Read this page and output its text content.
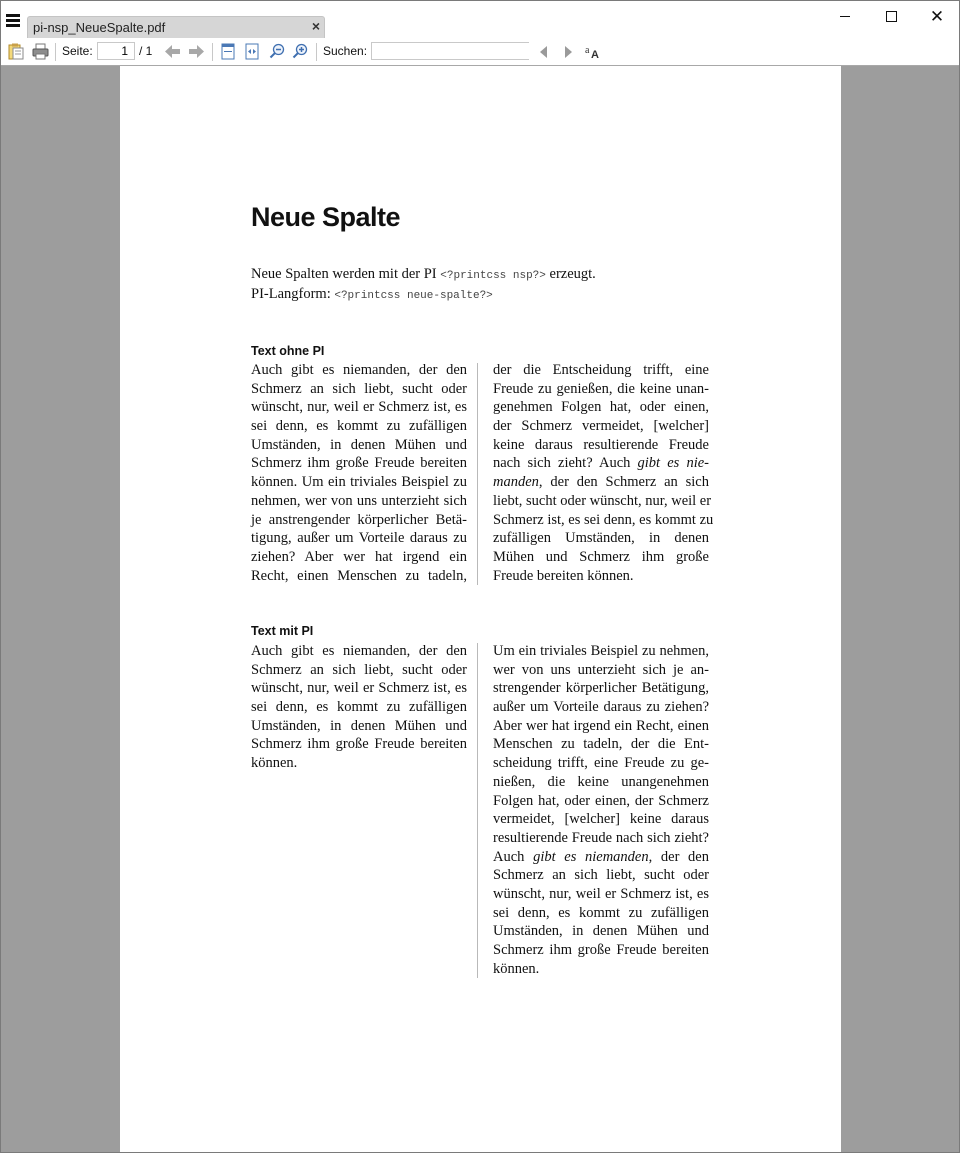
pi-nsp_NeueSpalte.pdf	×
✕
Seite:	1 / 1	Suchen:	a A
Neue Spalte
Neue Spalten werden mit der PI <?printcss nsp?> erzeugt.
PI-Langform: <?printcss neue-spalte?>
Text ohne PI
Auch gibt es niemanden, der den
Schmerz an sich liebt, sucht oder
wünscht, nur, weil er Schmerz ist, es
sei denn, es kommt zu zufälligen
Umständen, in denen Mühen und
Schmerz ihm große Freude bereiten
können. Um ein triviales Beispiel zu
nehmen, wer von uns unterzieht sich
je anstrengender körperlicher Betä-
tigung, außer um Vorteile daraus zu
ziehen? Aber wer hat irgend ein
Recht, einen Menschen zu tadeln,
der die Entscheidung trifft, eine
Freude zu genießen, die keine unan-
genehmen Folgen hat, oder einen,
der Schmerz vermeidet, [welcher]
keine daraus resultierende Freude
nach sich zieht? Auch gibt es nie-
manden, der den Schmerz an sich
liebt, sucht oder wünscht, nur, weil er
Schmerz ist, es sei denn, es kommt zu
zufälligen Umständen, in denen
Mühen und Schmerz ihm große
Freude bereiten können.
Text mit PI
Auch gibt es niemanden, der den
Schmerz an sich liebt, sucht oder
wünscht, nur, weil er Schmerz ist, es
sei denn, es kommt zu zufälligen
Umständen, in denen Mühen und
Schmerz ihm große Freude bereiten
können.
Um ein triviales Beispiel zu nehmen,
wer von uns unterzieht sich je an-
strengender körperlicher Betätigung,
außer um Vorteile daraus zu ziehen?
Aber wer hat irgend ein Recht, einen
Menschen zu tadeln, der die Ent-
scheidung trifft, eine Freude zu ge-
nießen, die keine unangenehmen
Folgen hat, oder einen, der Schmerz
vermeidet, [welcher] keine daraus
resultierende Freude nach sich zieht?
Auch gibt es niemanden, der den
Schmerz an sich liebt, sucht oder
wünscht, nur, weil er Schmerz ist, es
sei denn, es kommt zu zufälligen
Umständen, in denen Mühen und
Schmerz ihm große Freude bereiten
können.
